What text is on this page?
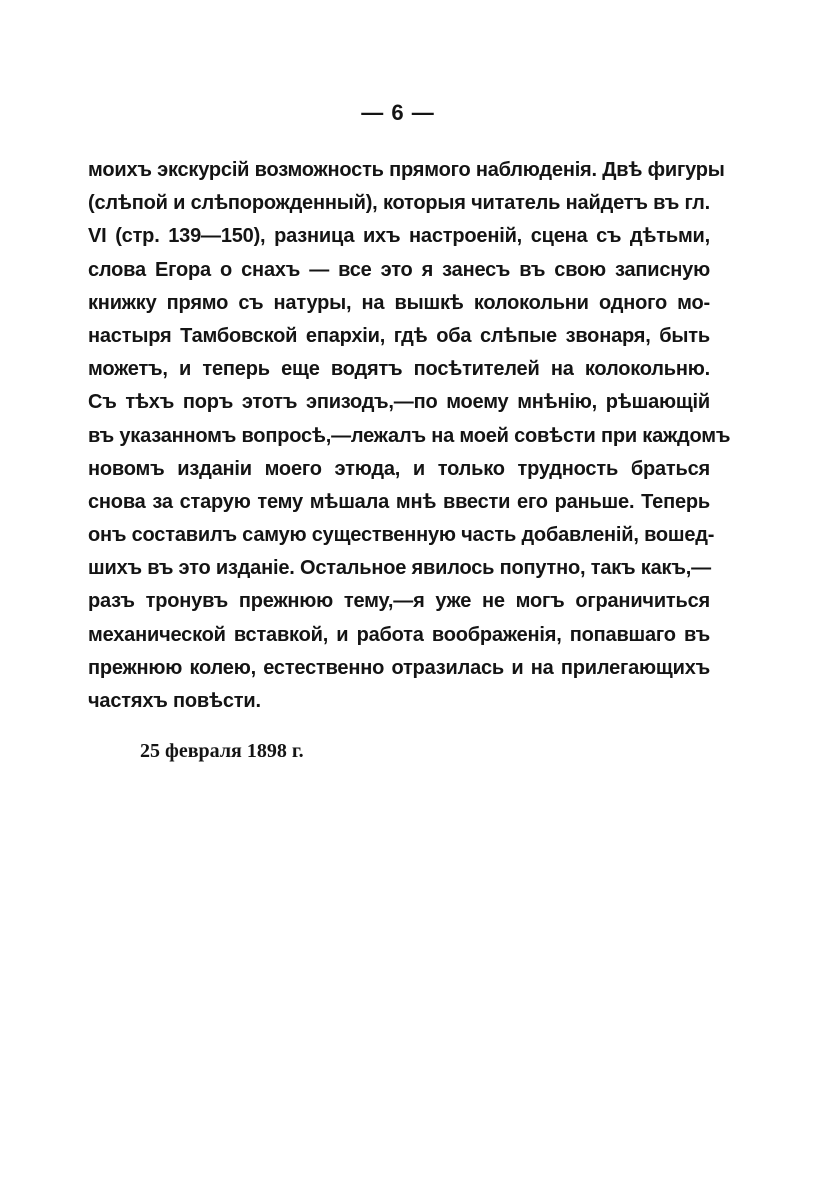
— 6 —
моихъ экскурсій возможность прямого наблюденія. Двѣ фигуры
(слѣпой и слѣпорожденный), которыя читатель найдетъ въ гл.
VI (стр. 139—150), разница ихъ настроеній, сцена съ дѣтьми,
слова Егора о снахъ — все это я занесъ въ свою записную
книжку прямо съ натуры, на вышкѣ колокольни одного мо-
настыря Тамбовской епархіи, гдѣ оба слѣпые звонаря, быть
можетъ, и теперь еще водятъ посѣтителей на колокольню.
Съ тѣхъ поръ этотъ эпизодъ,—по моему мнѣнію, рѣшающій
въ указанномъ вопросѣ,—лежалъ на моей совѣсти при каждомъ
новомъ изданіи моего этюда, и только трудность браться
снова за старую тему мѣшала мнѣ ввести его раньше. Теперь
онъ составилъ самую существенную часть добавленій, вошед-
шихъ въ это изданіе. Остальное явилось попутно, такъ какъ,—
разъ тронувъ прежнюю тему,—я уже не могъ ограничиться
механической вставкой, и работа воображенія, попавшаго въ
прежнюю колею, естественно отразилась и на прилегающихъ
частяхъ повѣсти.
25 февраля 1898 г.
